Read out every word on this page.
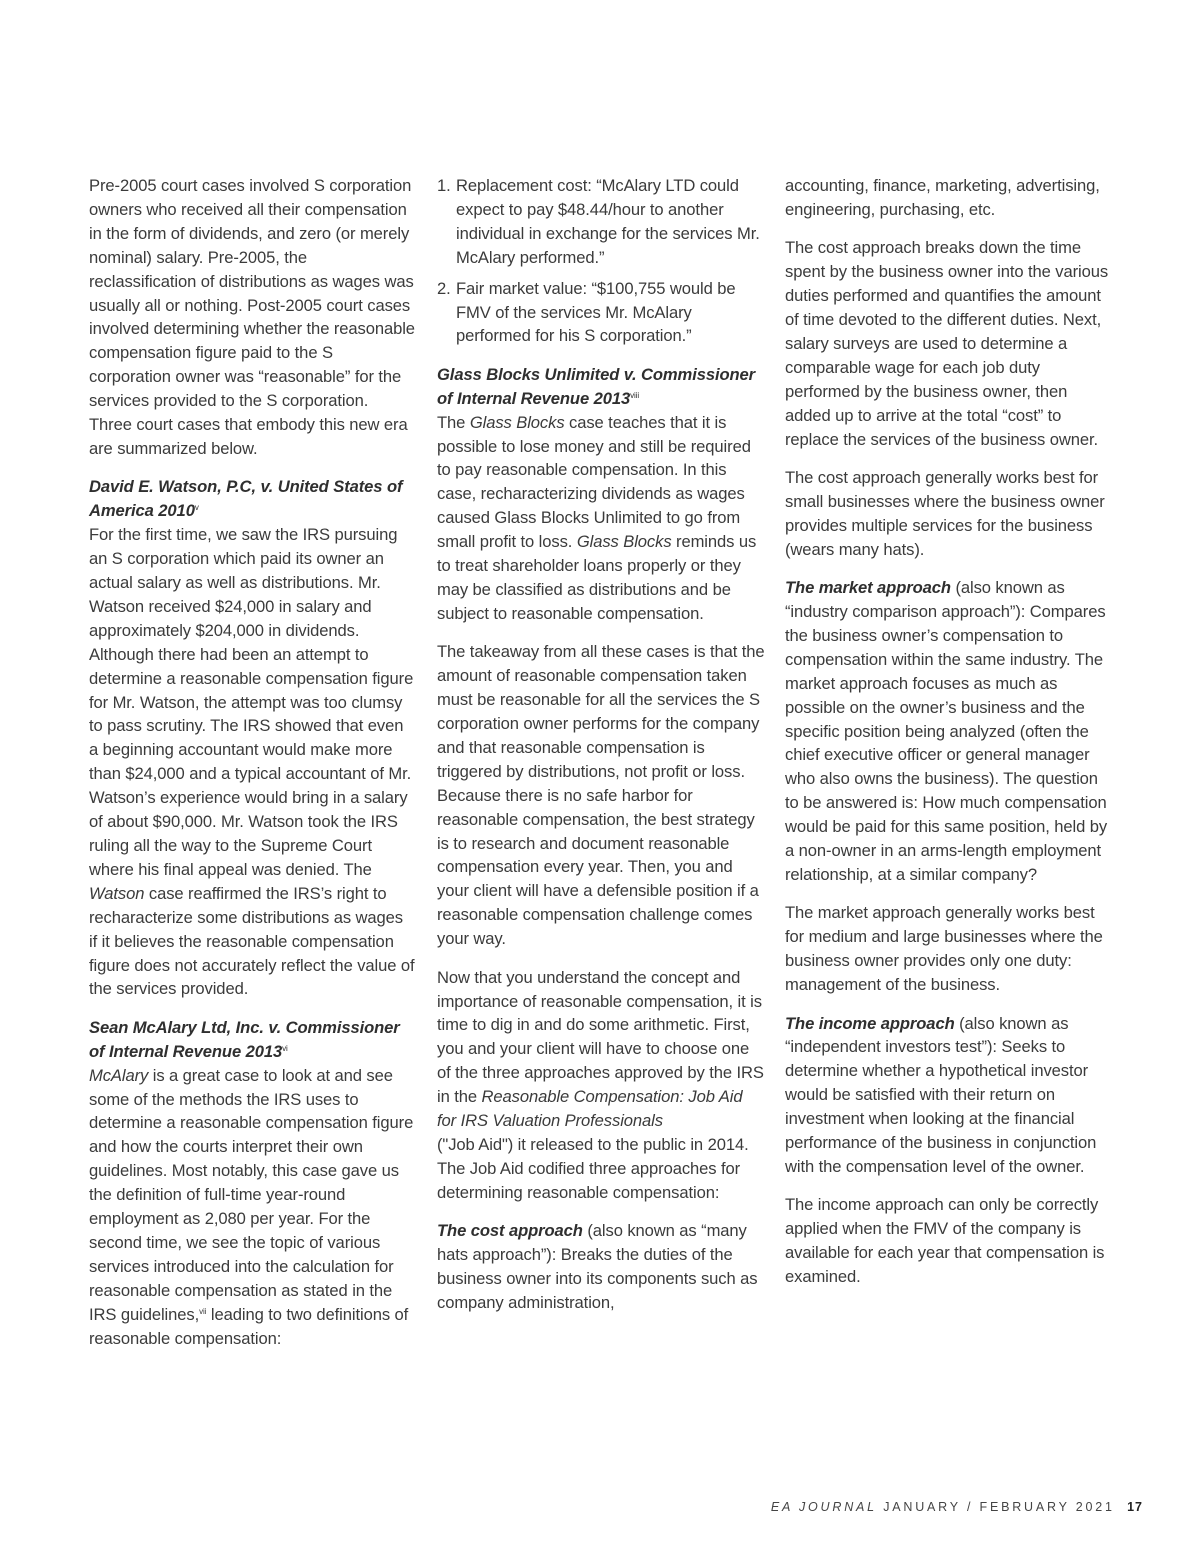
Pre-2005 court cases involved S corporation owners who received all their compensation in the form of dividends, and zero (or merely nominal) salary. Pre-2005, the reclassification of distributions as wages was usually all or nothing. Post-2005 court cases involved determining whether the reasonable compensation figure paid to the S corporation owner was “reasonable” for the services provided to the S corporation. Three court cases that embody this new era are summarized below.

David E. Watson, P.C, v. United States of America 2010$^v$

For the first time, we saw the IRS pursuing an S corporation which paid its owner an actual salary as well as distributions. Mr. Watson received $24,000 in salary and approximately $204,000 in dividends. Although there had been an attempt to determine a reasonable compensation figure for Mr. Watson, the attempt was too clumsy to pass scrutiny. The IRS showed that even a beginning accountant would make more than $24,000 and a typical accountant of Mr. Watson’s experience would bring in a salary of about $90,000. Mr. Watson took the IRS ruling all the way to the Supreme Court where his final appeal was denied. The
Watson case reaffirmed the IRS’s right to recharacterize some distributions as wages if it believes the reasonable compensation figure does not accurately reflect the value of the services provided.

Sean McAlary Ltd, Inc. v. Commissioner of Internal Revenue 2013$^{vi}$

McAlary is a great case to look at and see some of the methods the IRS uses to determine a reasonable compensation figure and how the courts interpret their own guidelines. Most notably, this case gave us the definition of full-time year-round employment as 2,080 per year. For the second time, we see the topic of various services introduced into the calculation for reasonable compensation as stated in the IRS guidelines,$^{vii}$ leading to two definitions of reasonable compensation:

1. Replacement cost: “McAlary LTD could expect to pay $48.44/hour to another individual in exchange for the services Mr. McAlary performed.”
2. Fair market value: “$100,755 would be FMV of the services Mr. McAlary performed for his S corporation.”

Glass Blocks Unlimited v. Commissioner of Internal Revenue 2013$^{viii}$

The Glass Blocks case teaches that it is possible to lose money and still be required to pay reasonable compensation. In this case, recharacterizing dividends as wages caused Glass Blocks Unlimited to go from small profit to loss. Glass Blocks reminds us to treat shareholder loans properly or they may be classified as distributions and be subject to reasonable compensation.

The takeaway from all these cases is that the amount of reasonable compensation taken must be reasonable for all the services the S corporation owner performs for the company and that reasonable compensation is triggered by distributions, not profit or loss. Because there is no safe harbor for reasonable compensation, the best strategy is to research and document reasonable compensation every year. Then, you and your client will have a defensible position if a reasonable compensation challenge comes your way.

Now that you understand the concept and importance of reasonable compensation, it is time to dig in and do some arithmetic. First, you and your client will have to choose one of the three approaches approved by the IRS in the Reasonable Compensation: Job Aid for IRS Valuation Professionals
("Job Aid") it released to the public in 2014. The Job Aid codified three approaches for determining reasonable compensation:

The cost approach (also known as “many hats approach”): Breaks the duties of the business owner into its components such as company administration,

accounting, finance, marketing, advertising, engineering, purchasing, etc.

The cost approach breaks down the time spent by the business owner into the various duties performed and quantifies the amount of time devoted to the different duties. Next, salary surveys are used to determine a comparable wage for each job duty performed by the business owner, then added up to arrive at the total “cost” to replace the services of the business owner.

The cost approach generally works best for small businesses where the business owner provides multiple services for the business (wears many hats).

The market approach (also known as “industry comparison approach”): Compares the business owner’s compensation to compensation within the same industry. The market approach focuses as much as possible on the owner’s business and the specific position being analyzed (often the chief executive officer or general manager who also owns the business). The question to be answered is: How much compensation would be paid for this same position, held by a non-owner in an arms-length employment relationship, at a similar company?

The market approach generally works best for medium and large businesses where the business owner provides only one duty: management of the business.

The income approach (also known as “independent investors test”): Seeks to determine whether a hypothetical investor would be satisfied with their return on investment when looking at the financial performance of the business in conjunction with the compensation level of the owner.

The income approach can only be correctly applied when the FMV of the company is available for each year that compensation is examined.

EA JOURNAL JANUARY / FEBRUARY 2021 17
